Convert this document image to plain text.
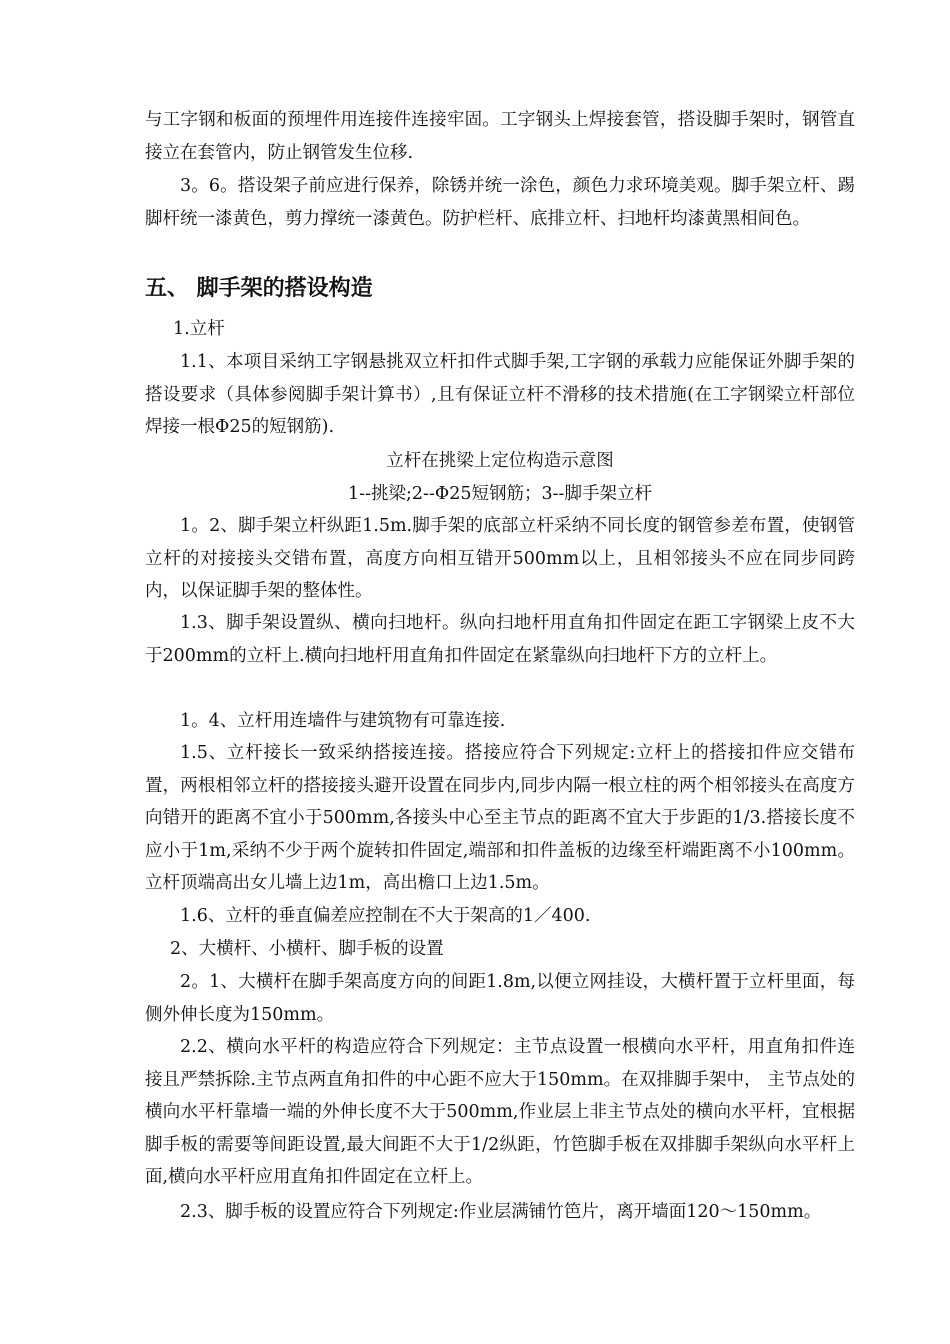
与工字钢和板面的预埋件用连接件连接牢固。工字钢头上焊接套管，搭设脚手架时，钢管直接立在套管内，防止钢管发生位移.
3。6。搭设架子前应进行保养，除锈并统一涂色，颜色力求环境美观。脚手架立杆、踢脚杆统一漆黄色，剪力撑统一漆黄色。防护栏杆、底排立杆、扫地杆均漆黄黑相间色。
五、 脚手架的搭设构造
1.立杆
1.1、本项目采纳工字钢悬挑双立杆扣件式脚手架,工字钢的承载力应能保证外脚手架的搭设要求（具体参阅脚手架计算书）,且有保证立杆不滑移的技术措施(在工字钢梁立杆部位焊接一根Φ25的短钢筋).
立杆在挑梁上定位构造示意图
1--挑梁;2--Φ25短钢筋；3--脚手架立杆
1。2、脚手架立杆纵距1.5m.脚手架的底部立杆采纳不同长度的钢管参差布置，使钢管立杆的对接接头交错布置，高度方向相互错开500mm以上，且相邻接头不应在同步同跨内，以保证脚手架的整体性。
1.3、脚手架设置纵、横向扫地杆。纵向扫地杆用直角扣件固定在距工字钢梁上皮不大于200mm的立杆上.横向扫地杆用直角扣件固定在紧靠纵向扫地杆下方的立杆上。
1。4、立杆用连墙件与建筑物有可靠连接.
1.5、立杆接长一致采纳搭接连接。搭接应符合下列规定:立杆上的搭接扣件应交错布置，两根相邻立杆的搭接接头避开设置在同步内,同步内隔一根立柱的两个相邻接头在高度方向错开的距离不宜小于500mm,各接头中心至主节点的距离不宜大于步距的1/3.搭接长度不应小于1m,采纳不少于两个旋转扣件固定,端部和扣件盖板的边缘至杆端距离不小100mm。立杆顶端高出女儿墙上边1m，高出檐口上边1.5m。
1.6、立杆的垂直偏差应控制在不大于架高的1／400.
2、大横杆、小横杆、脚手板的设置
2。1、大横杆在脚手架高度方向的间距1.8m,以便立网挂设，大横杆置于立杆里面，每侧外伸长度为150mm。
2.2、横向水平杆的构造应符合下列规定：主节点设置一根横向水平杆，用直角扣件连接且严禁拆除.主节点两直角扣件的中心距不应大于150mm。在双排脚手架中， 主节点处的横向水平杆靠墙一端的外伸长度不大于500mm,作业层上非主节点处的横向水平杆，宜根据脚手板的需要等间距设置,最大间距不大于1/2纵距，竹笆脚手板在双排脚手架纵向水平杆上面,横向水平杆应用直角扣件固定在立杆上。
2.3、脚手板的设置应符合下列规定:作业层满铺竹笆片，离开墙面120～150mm。
